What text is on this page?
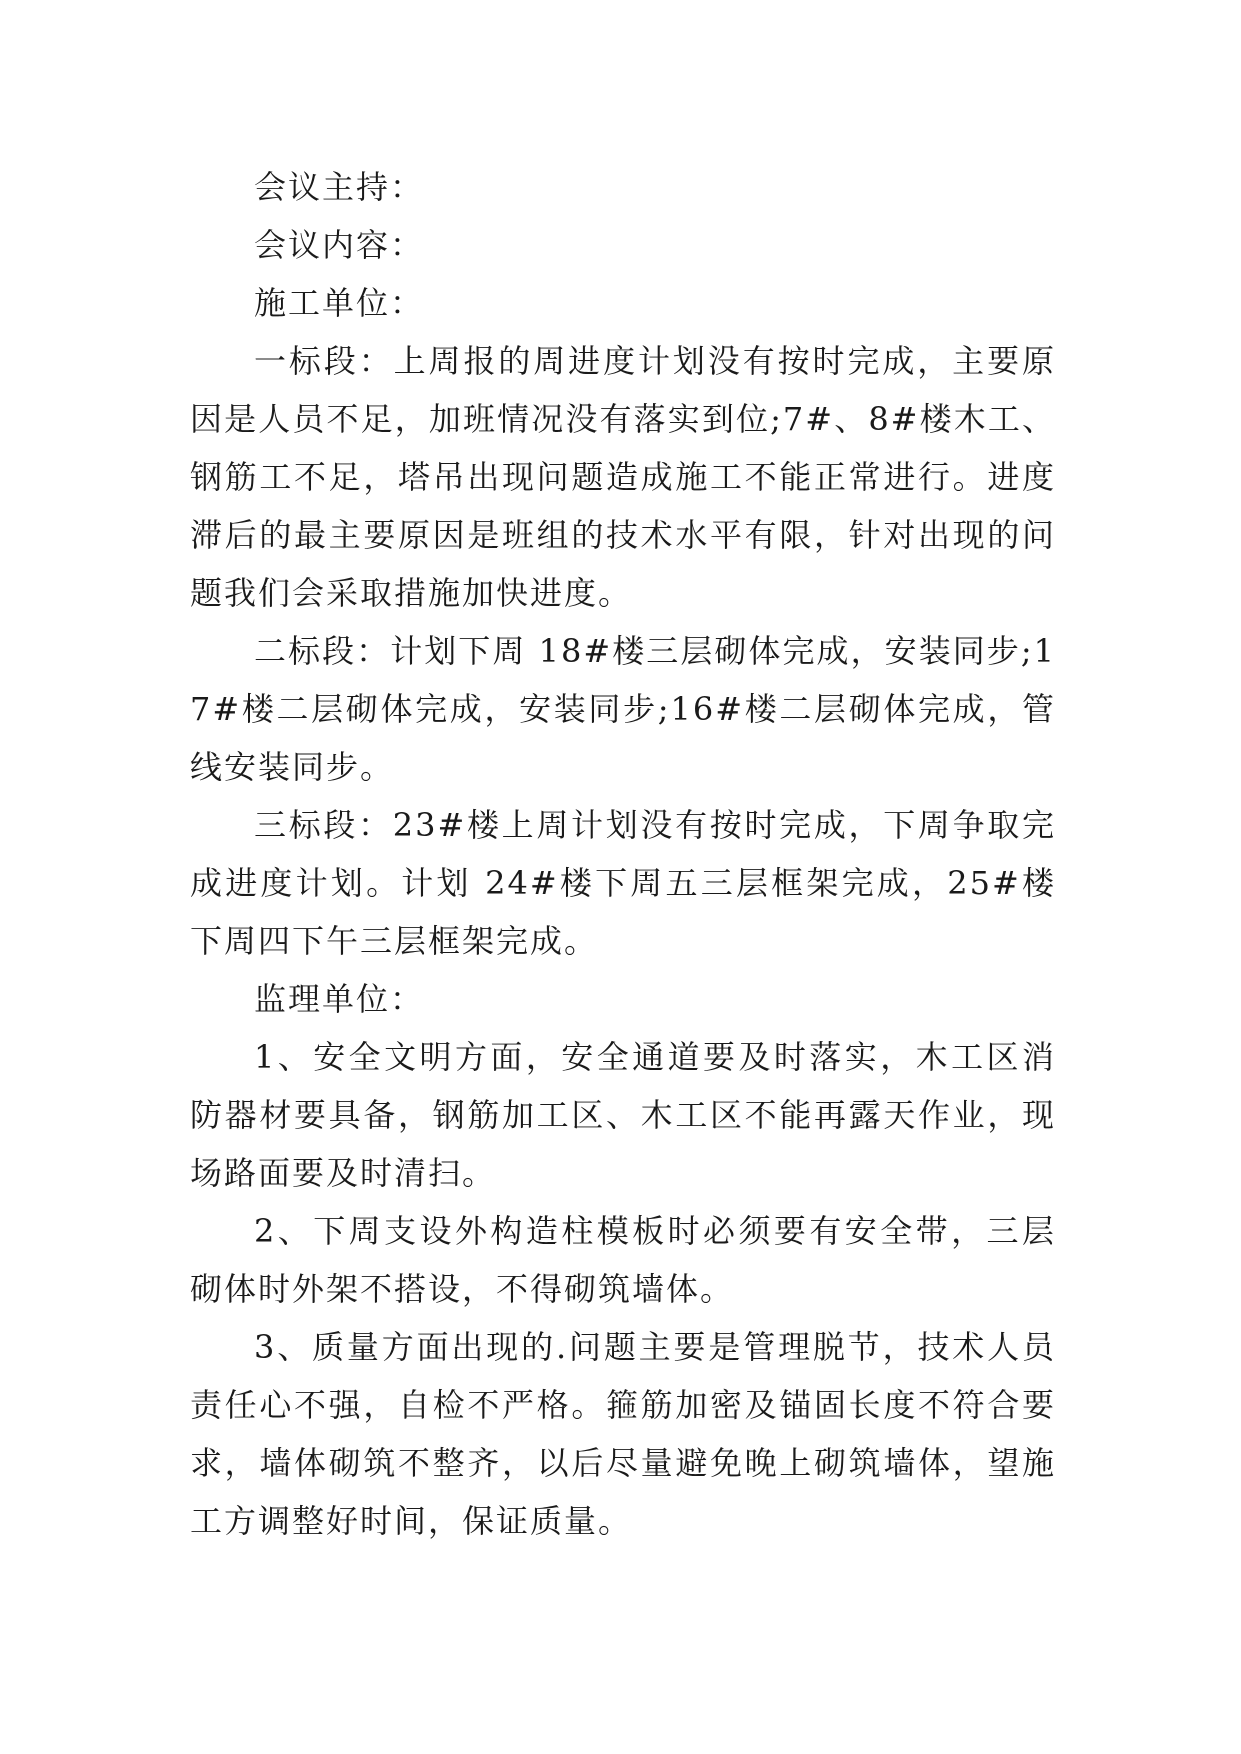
会议主持：

会议内容：

施工单位：

一标段：上周报的周进度计划没有按时完成，主要原因是人员不足，加班情况没有落实到位;7#、8#楼木工、钢筋工不足，塔吊出现问题造成施工不能正常进行。进度滞后的最主要原因是班组的技术水平有限，针对出现的问题我们会采取措施加快进度。

二标段：计划下周 18#楼三层砌体完成，安装同步;17#楼二层砌体完成，安装同步;16#楼二层砌体完成，管线安装同步。

三标段：23#楼上周计划没有按时完成，下周争取完成进度计划。计划 24#楼下周五三层框架完成，25#楼下周四下午三层框架完成。

监理单位：

1、安全文明方面，安全通道要及时落实，木工区消防器材要具备，钢筋加工区、木工区不能再露天作业，现场路面要及时清扫。

2、下周支设外构造柱模板时必须要有安全带，三层砌体时外架不搭设，不得砌筑墙体。

3、质量方面出现的.问题主要是管理脱节，技术人员责任心不强，自检不严格。箍筋加密及锚固长度不符合要求，墙体砌筑不整齐，以后尽量避免晚上砌筑墙体，望施工方调整好时间，保证质量。
